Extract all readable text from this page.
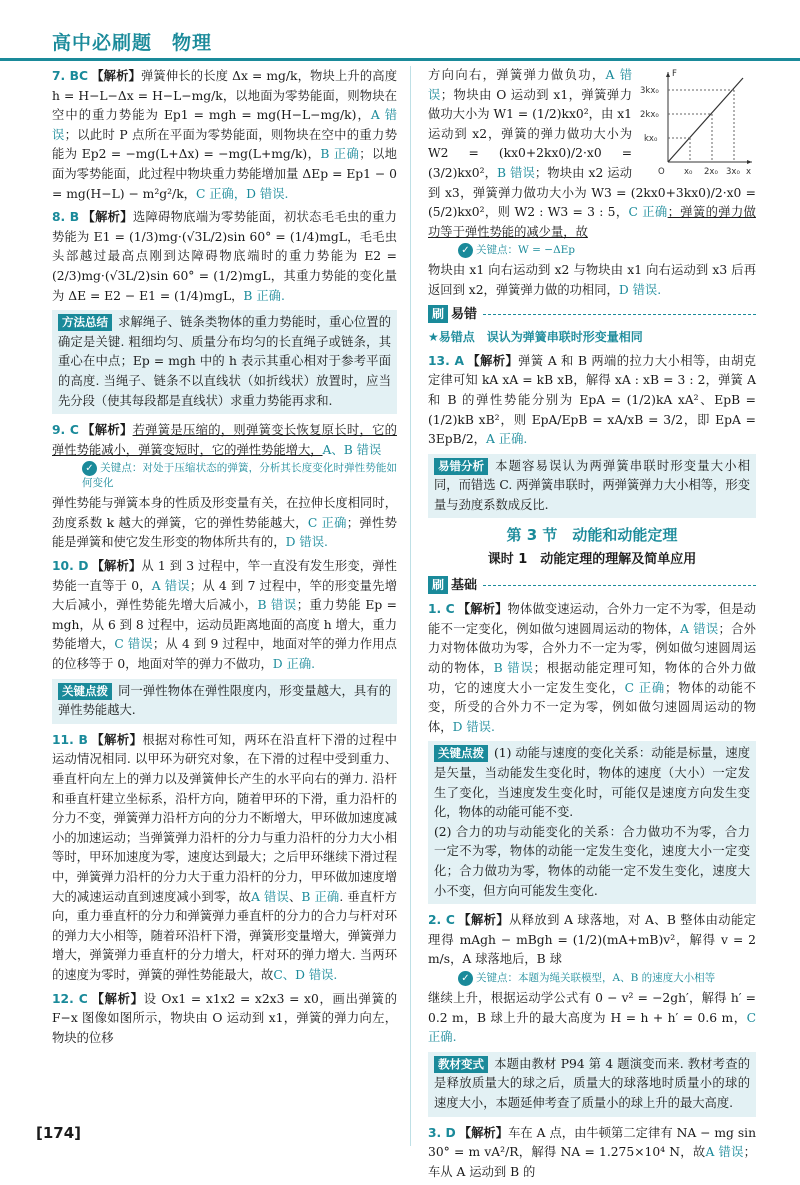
高中必刷题　物理
7. BC 【解析】弹簧伸长的长度 Δx = mg/k，物块上升的高度 h = H−L−Δx = H−L−mg/k，以地面为零势能面，则物块在空中的重力势能为 Ep1 = mgh = mg(H−L−mg/k)，A 错误；以此时 P 点所在平面为零势能面，则物块在空中的重力势能为 Ep2 = −mg(L+Δx) = −mg(L+mg/k)，B 正确；以地面为零势能面，此过程中物块重力势能增加量 ΔEp = Ep1 − 0 = mg(H−L) − m²g²/k，C 正确，D 错误.
8. B 【解析】选障碍物底端为零势能面，初状态毛毛虫的重力势能为 E1 = (1/3)mg·(√3L/2)sin 60° = (1/4)mgL，毛毛虫头部越过最高点刚到达障碍物底端时的重力势能为 E2 = (2/3)mg·(√3L/2)sin 60° = (1/2)mgL，其重力势能的变化量为 ΔE = E2 − E1 = (1/4)mgL，B 正确.
方法总结 求解绳子、链条类物体的重力势能时，重心位置的确定是关键. 粗细均匀、质量分布均匀的长直绳子或链条，其重心在中点；Ep = mgh 中的 h 表示其重心相对于参考平面的高度. 当绳子、链条不以直线状（如折线状）放置时，应当先分段（使其每段都是直线状）求重力势能再求和.
9. C 【解析】若弹簧是压缩的，则弹簧变长恢复原长时，它的弹性势能减小，弹簧变短时，它的弹性势能增大，A、B 错误
✓ 关键点：对处于压缩状态的弹簧，分析其长度变化时弹性势能如何变化
弹性势能与弹簧本身的性质及形变量有关，在拉伸长度相同时，劲度系数 k 越大的弹簧，它的弹性势能越大，C 正确；弹性势能是弹簧和使它发生形变的物体所共有的，D 错误.
10. D 【解析】从 1 到 3 过程中，竿一直没有发生形变，弹性势能一直等于 0，A 错误；从 4 到 7 过程中，竿的形变量先增大后减小，弹性势能先增大后减小，B 错误；重力势能 Ep = mgh，从 6 到 8 过程中，运动员距离地面的高度 h 增大，重力势能增大，C 错误；从 4 到 9 过程中，地面对竿的弹力作用点的位移等于 0，地面对竿的弹力不做功，D 正确.
关键点拨 同一弹性物体在弹性限度内，形变量越大，具有的弹性势能越大.
11. B 【解析】根据对称性可知，两环在沿直杆下滑的过程中运动情况相同. 以甲环为研究对象，在下滑的过程中受到重力、垂直杆向左上的弹力以及弹簧伸长产生的水平向右的弹力. 沿杆和垂直杆建立坐标系，沿杆方向，随着甲环的下滑，重力沿杆的分力不变，弹簧弹力沿杆方向的分力不断增大，甲环做加速度减小的加速运动；当弹簧弹力沿杆的分力与重力沿杆的分力大小相等时，甲环加速度为零，速度达到最大；之后甲环继续下滑过程中，弹簧弹力沿杆的分力大于重力沿杆的分力，甲环做加速度增大的减速运动直到速度减小到零，故A 错误、B 正确. 垂直杆方向，重力垂直杆的分力和弹簧弹力垂直杆的分力的合力与杆对环的弹力大小相等，随着环沿杆下滑，弹簧形变量增大，弹簧弹力增大，弹簧弹力垂直杆的分力增大，杆对环的弹力增大. 当两环的速度为零时，弹簧的弹性势能最大，故C、D 错误.
12. C 【解析】设 Ox1 = x1x2 = x2x3 = x0，画出弹簧的 F−x 图像如图所示，物块由 O 运动到 x1，弹簧的弹力向左，物块的位移
F
x
O
3kx₀
2kx₀
kx₀
x₀ 2x₀ 3x₀
方向向右，弹簧弹力做负功，A 错误；物块由 O 运动到 x1，弹簧弹力做功大小为 W1 = (1/2)kx0²，由 x1 运动到 x2，弹簧的弹力做功大小为 W2 = (kx0+2kx0)/2·x0 = (3/2)kx0²，B 错误；物块由 x2 运动到 x3，弹簧弹力做功大小为 W3 = (2kx0+3kx0)/2·x0 = (5/2)kx0²，则 W2 : W3 = 3 : 5，C 正确；弹簧的弹力做功等于弹性势能的减少量，故
✓ 关键点：W = −ΔEp
物块由 x1 向右运动到 x2 与物块由 x1 向右运动到 x3 后再返回到 x2，弹簧弹力做的功相同，D 错误.
刷 易错
★易错点　误认为弹簧串联时形变量相同
13. A 【解析】弹簧 A 和 B 两端的拉力大小相等，由胡克定律可知 kA xA = kB xB，解得 xA : xB = 3 : 2，弹簧 A 和 B 的弹性势能分别为 EpA = (1/2)kA xA²、EpB = (1/2)kB xB²，则 EpA/EpB = xA/xB = 3/2，即 EpA = 3EpB/2，A 正确.
易错分析 本题容易误认为两弹簧串联时形变量大小相同，而错选 C. 两弹簧串联时，两弹簧弹力大小相等，形变量与劲度系数成反比.
第 3 节　动能和动能定理
课时 1　动能定理的理解及简单应用
刷 基础
1. C 【解析】物体做变速运动，合外力一定不为零，但是动能不一定变化，例如做匀速圆周运动的物体，A 错误；合外力对物体做功为零，合外力不一定为零，例如做匀速圆周运动的物体，B 错误；根据动能定理可知，物体的合外力做功，它的速度大小一定发生变化，C 正确；物体的动能不变，所受的合外力不一定为零，例如做匀速圆周运动的物体，D 错误.
关键点拨 (1) 动能与速度的变化关系：动能是标量，速度是矢量，当动能发生变化时，物体的速度（大小）一定发生了变化，当速度发生变化时，可能仅是速度方向发生变化，物体的动能可能不变.
(2) 合力的功与动能变化的关系：合力做功不为零，合力一定不为零，物体的动能一定发生变化，速度大小一定变化；合力做功为零，物体的动能一定不发生变化，速度大小不变，但方向可能发生变化.
2. C 【解析】从释放到 A 球落地，对 A、B 整体由动能定理得 mAgh − mBgh = (1/2)(mA+mB)v²，解得 v = 2 m/s，A 球落地后，B 球
✓ 关键点：本题为绳关联模型，A、B 的速度大小相等
继续上升，根据运动学公式有 0 − v² = −2gh′，解得 h′ = 0.2 m，B 球上升的最大高度为 H = h + h′ = 0.6 m，C 正确.
教材变式 本题由教材 P94 第 4 题演变而来. 教材考查的是释放质量大的球之后，质量大的球落地时质量小的球的速度大小，本题延伸考查了质量小的球上升的最大高度.
3. D 【解析】车在 A 点，由牛顿第二定律有 NA − mg sin 30° = m vA²/R，解得 NA = 1.275×10⁴ N，故A 错误；车从 A 运动到 B 的
[174]
